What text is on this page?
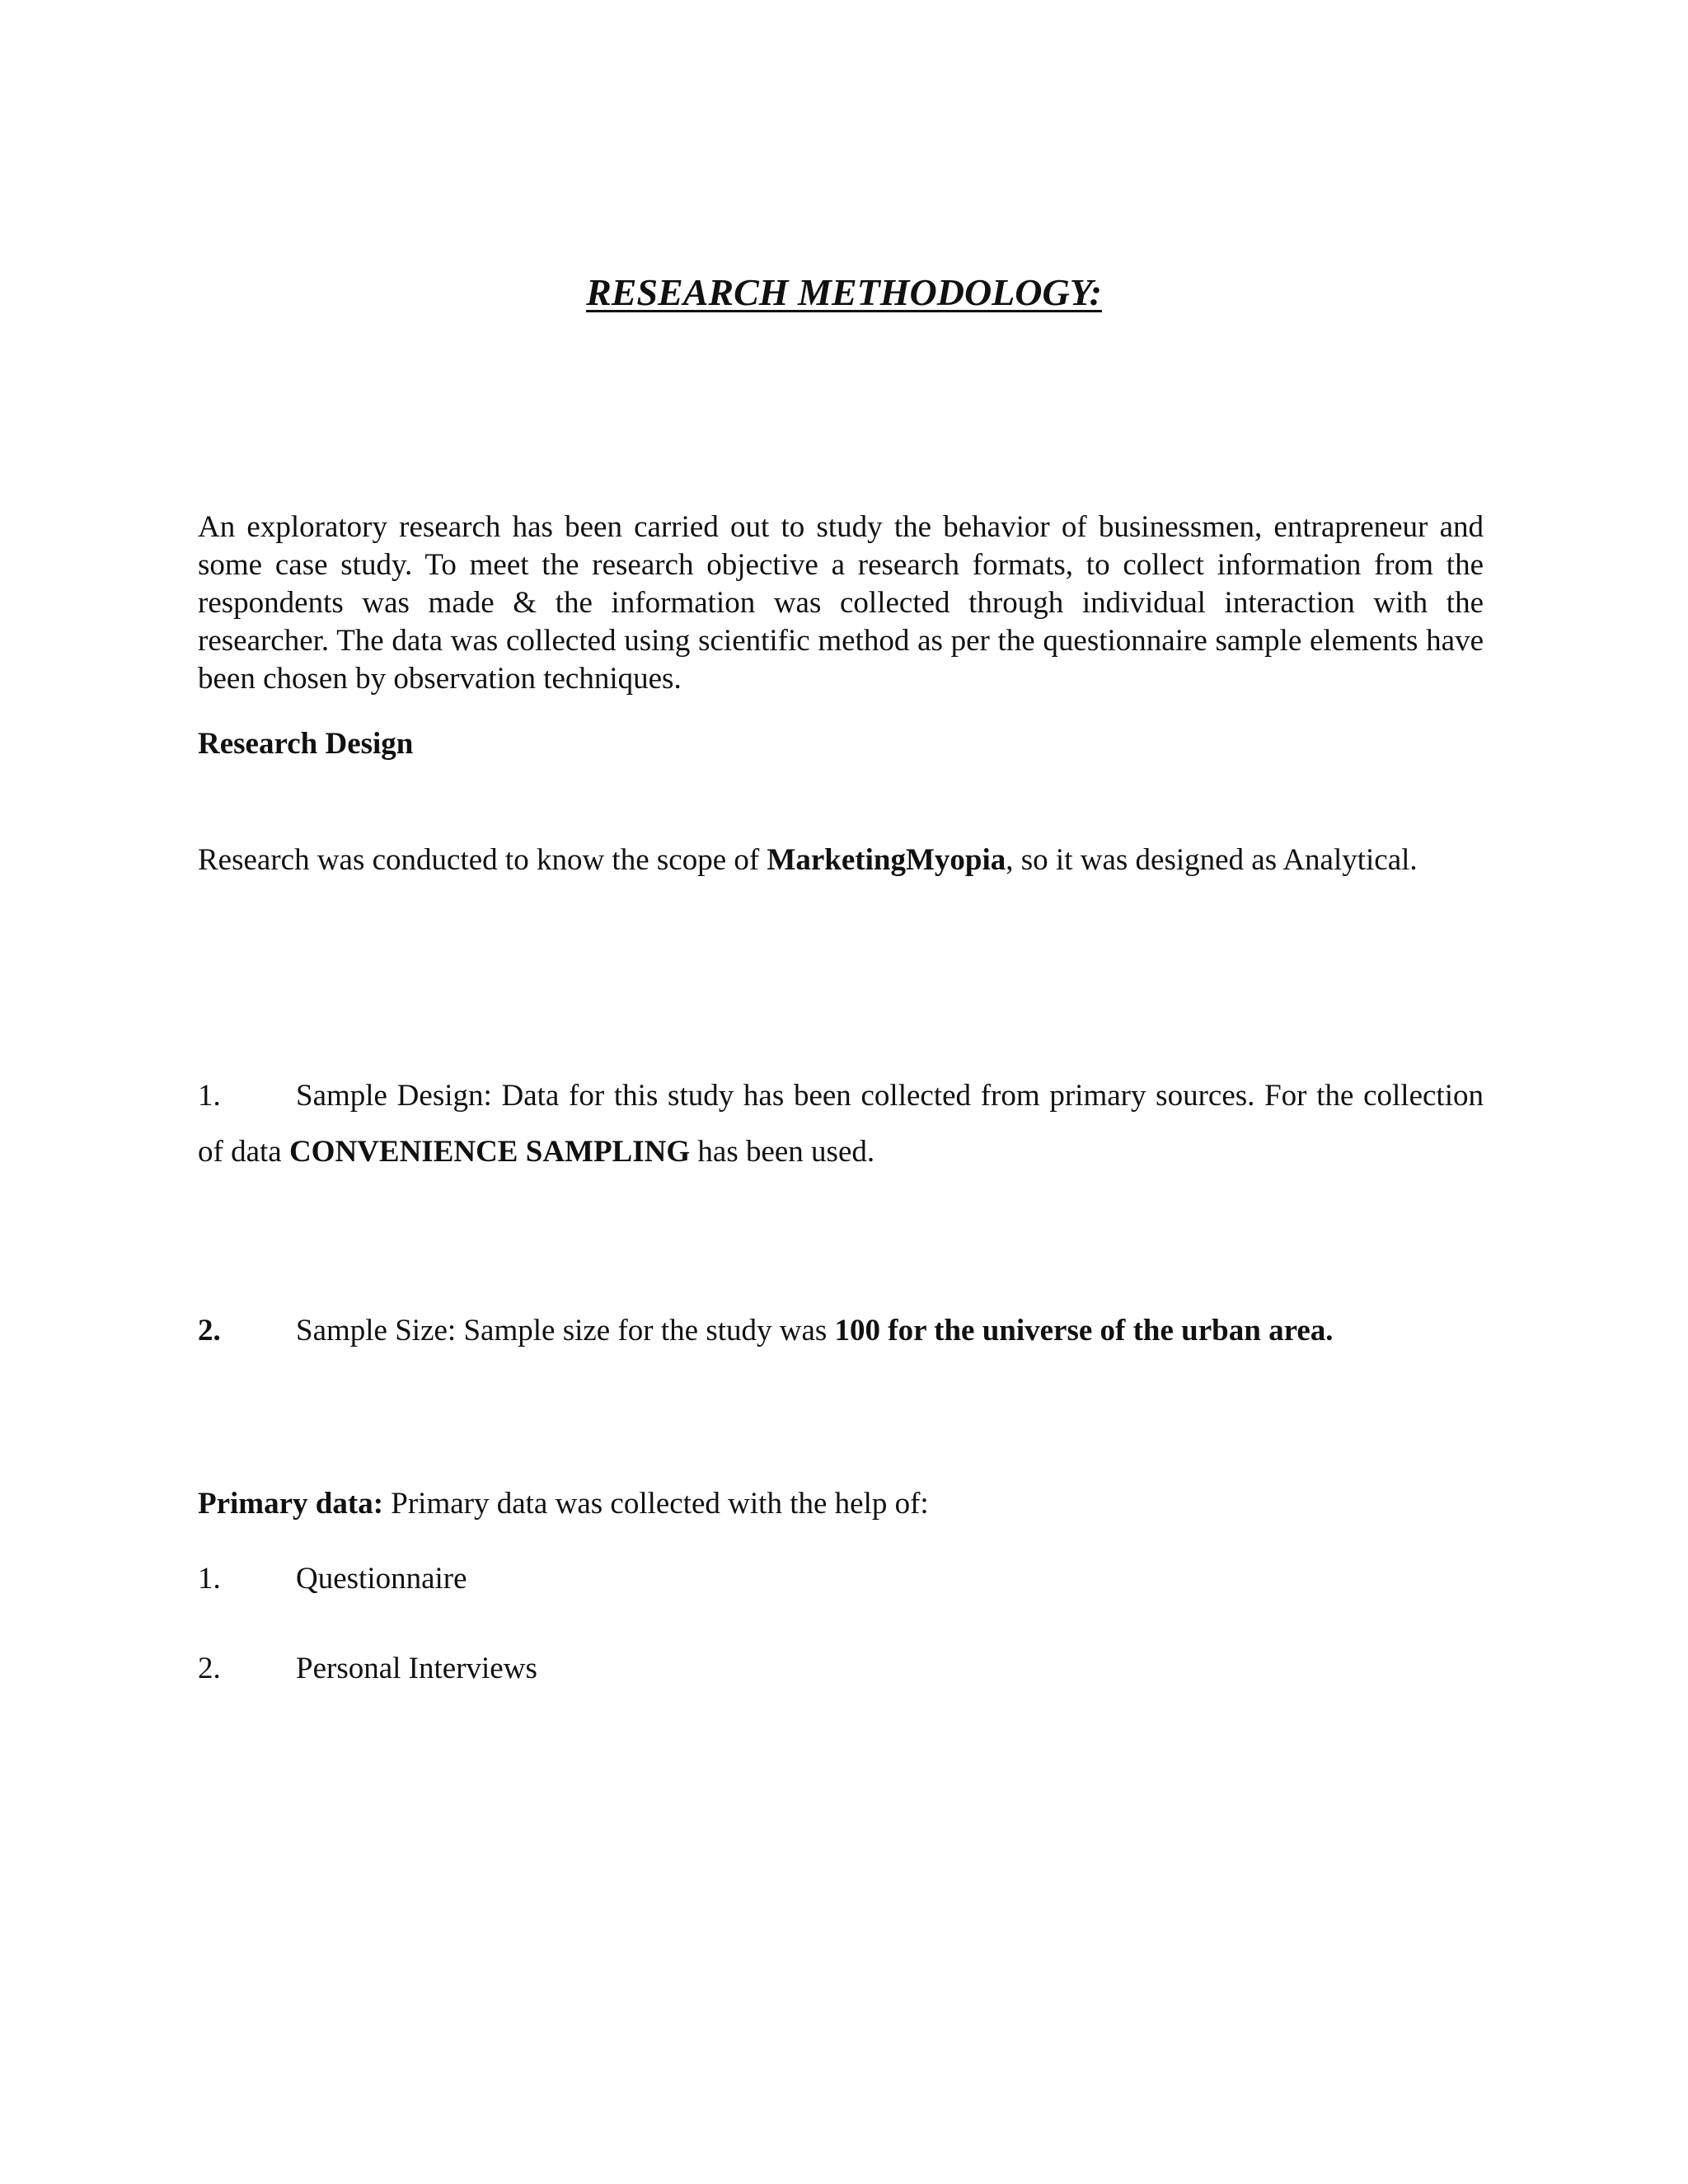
RESEARCH METHODOLOGY:

An exploratory research has been carried out to study the behavior of businessmen, entrapreneur and some case study. To meet the research objective a research formats, to collect information from the respondents was made & the information was collected through individual interaction with the researcher. The data was collected using scientific method as per the questionnaire sample elements have been chosen by observation techniques.

Research Design

Research was conducted to know the scope of MarketingMyopia, so it was designed as Analytical.

1. Sample Design: Data for this study has been collected from primary sources. For the collection of data CONVENIENCE SAMPLING has been used.

2. Sample Size: Sample size for the study was 100 for the universe of the urban area.

Primary data: Primary data was collected with the help of:

1. Questionnaire

2. Personal Interviews
